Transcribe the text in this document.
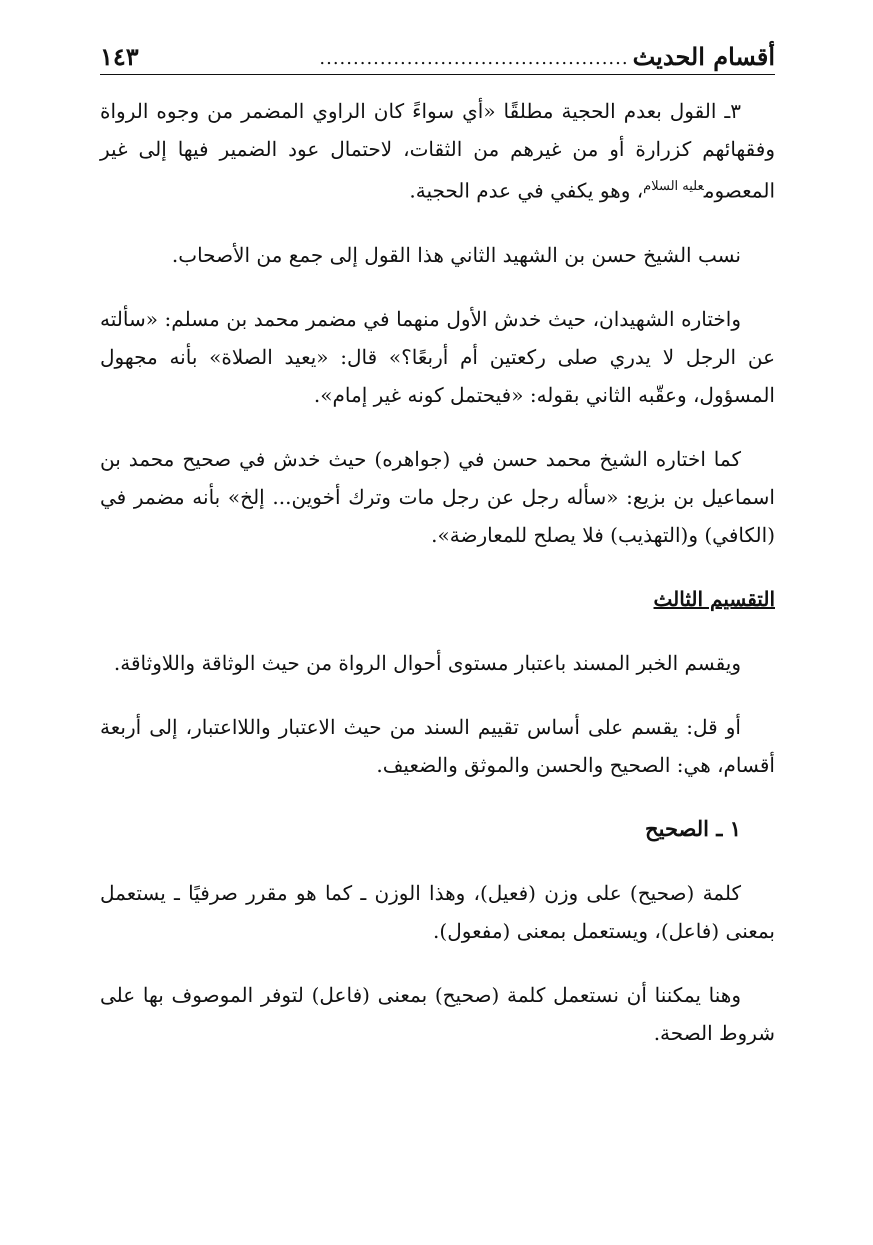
أقسام الحديث
..............................................
١٤٣

٣ـ القول بعدم الحجية مطلقًا «أي سواءً كان الراوي المضمر من وجوه الرواة وفقهائهم كزرارة أو من غيرهم من الثقات، لاحتمال عود الضمير فيها إلى غير المعصوم$^{عليه السلام}$، وهو يكفي في عدم الحجية.

نسب الشيخ حسن بن الشهيد الثاني هذا القول إلى جمع من الأصحاب.

واختاره الشهيدان، حيث خدش الأول منهما في مضمر محمد بن مسلم: «سألته عن الرجل لا يدري صلى ركعتين أم أربعًا؟» قال: «يعيد الصلاة» بأنه مجهول المسؤول، وعقّبه الثاني بقوله: «فيحتمل كونه غير إمام».

كما اختاره الشيخ محمد حسن في (جواهره) حيث خدش في صحيح محمد بن اسماعيل بن بزيع: «سأله رجل عن رجل مات وترك أخوين... إلخ» بأنه مضمر في (الكافي) و(التهذيب) فلا يصلح للمعارضة».

التقسيم الثالث

ويقسم الخبر المسند باعتبار مستوى أحوال الرواة من حيث الوثاقة واللاوثاقة.

أو قل: يقسم على أساس تقييم السند من حيث الاعتبار واللااعتبار، إلى أربعة أقسام، هي: الصحيح والحسن والموثق والضعيف.

١ ـ الصحيح

كلمة (صحيح) على وزن (فعيل)، وهذا الوزن ـ كما هو مقرر صرفيًا ـ يستعمل بمعنى (فاعل)، ويستعمل بمعنى (مفعول).

وهنا يمكننا أن نستعمل كلمة (صحيح) بمعنى (فاعل) لتوفر الموصوف بها على شروط الصحة.
